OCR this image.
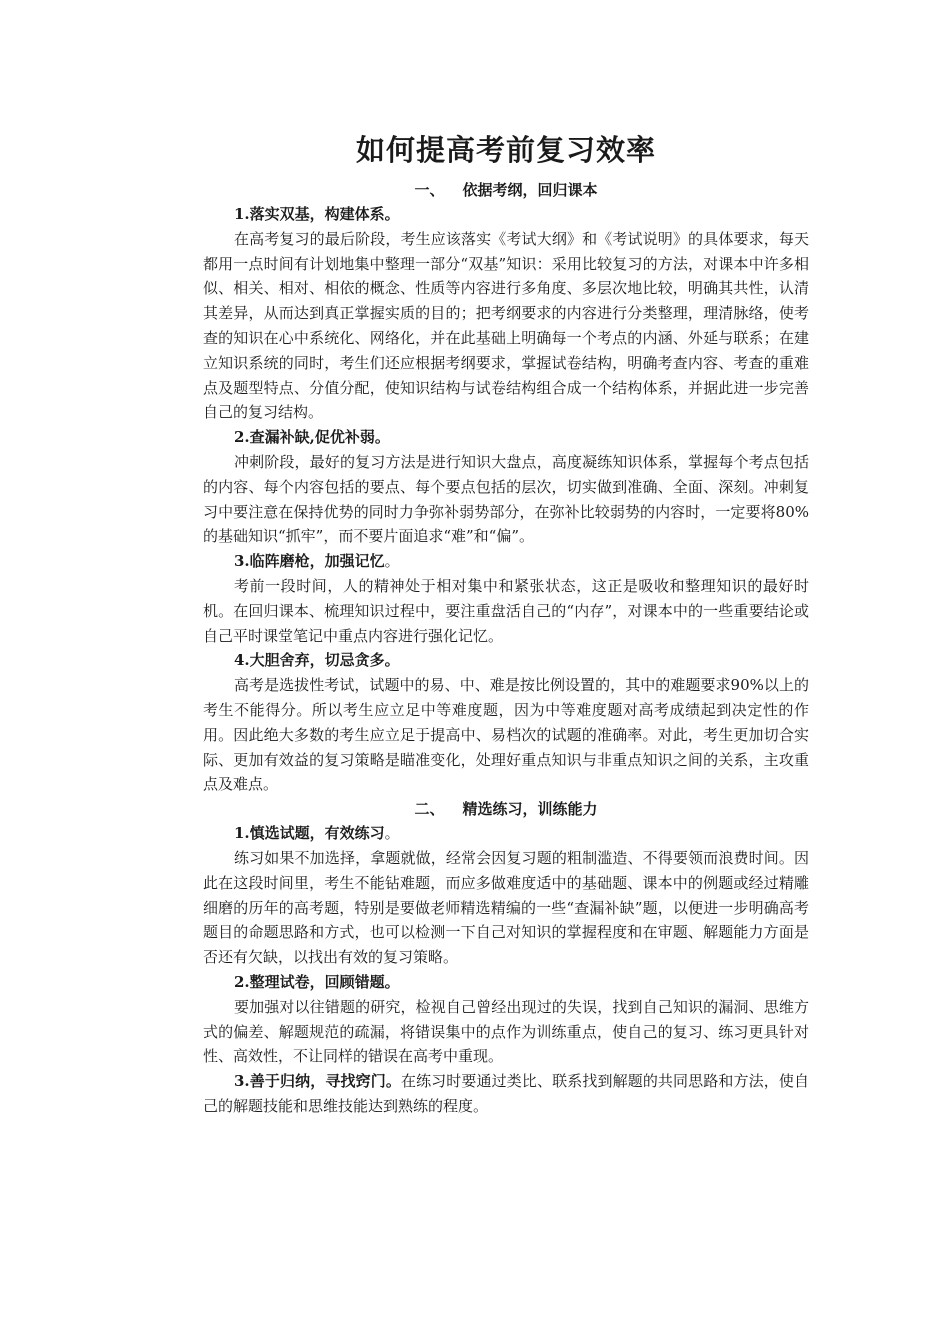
如何提高考前复习效率
一、 依据考纲，回归课本
1.落实双基，构建体系。

在高考复习的最后阶段，考生应该落实《考试大纲》和《考试说明》的具体要求，每天都用一点时间有计划地集中整理一部分“双基”知识：采用比较复习的方法，对课本中许多相似、相关、相对、相依的概念、性质等内容进行多角度、多层次地比较，明确其共性，认清其差异，从而达到真正掌握实质的目的；把考纲要求的内容进行分类整理，理清脉络，使考查的知识在心中系统化、网络化，并在此基础上明确每一个考点的内涵、外延与联系；在建立知识系统的同时，考生们还应根据考纲要求，掌握试卷结构，明确考查内容、考查的重难点及题型特点、分值分配，使知识结构与试卷结构组合成一个结构体系，并据此进一步完善自己的复习结构。

2.查漏补缺,促优补弱。

冲刺阶段，最好的复习方法是进行知识大盘点，高度凝练知识体系，掌握每个考点包括的内容、每个内容包括的要点、每个要点包括的层次，切实做到准确、全面、深刻。冲刺复习中要注意在保持优势的同时力争弥补弱势部分，在弥补比较弱势的内容时，一定要将80%的基础知识“抓牢”，而不要片面追求“难”和“偏”。

3.临阵磨枪，加强记忆。

考前一段时间，人的精神处于相对集中和紧张状态，这正是吸收和整理知识的最好时机。在回归课本、梳理知识过程中，要注重盘活自己的“内存”，对课本中的一些重要结论或自己平时课堂笔记中重点内容进行强化记忆。

4.大胆舍弃，切忌贪多。

高考是选拔性考试，试题中的易、中、难是按比例设置的，其中的难题要求90%以上的考生不能得分。所以考生应立足中等难度题，因为中等难度题对高考成绩起到决定性的作用。因此绝大多数的考生应立足于提高中、易档次的试题的准确率。对此，考生更加切合实际、更加有效益的复习策略是瞄准变化，处理好重点知识与非重点知识之间的关系，主攻重点及难点。

二、 精选练习，训练能力
1.慎选试题，有效练习。

练习如果不加选择，拿题就做，经常会因复习题的粗制滥造、不得要领而浪费时间。因此在这段时间里，考生不能钻难题，而应多做难度适中的基础题、课本中的例题或经过精雕细磨的历年的高考题，特别是要做老师精选精编的一些“查漏补缺”题，以便进一步明确高考题目的命题思路和方式，也可以检测一下自己对知识的掌握程度和在审题、解题能力方面是否还有欠缺，以找出有效的复习策略。

2.整理试卷，回顾错题。

要加强对以往错题的研究，检视自己曾经出现过的失误，找到自己知识的漏洞、思维方式的偏差、解题规范的疏漏，将错误集中的点作为训练重点，使自己的复习、练习更具针对性、高效性，不让同样的错误在高考中重现。

3.善于归纳，寻找窍门。在练习时要通过类比、联系找到解题的共同思路和方法，使自己的解题技能和思维技能达到熟练的程度。
